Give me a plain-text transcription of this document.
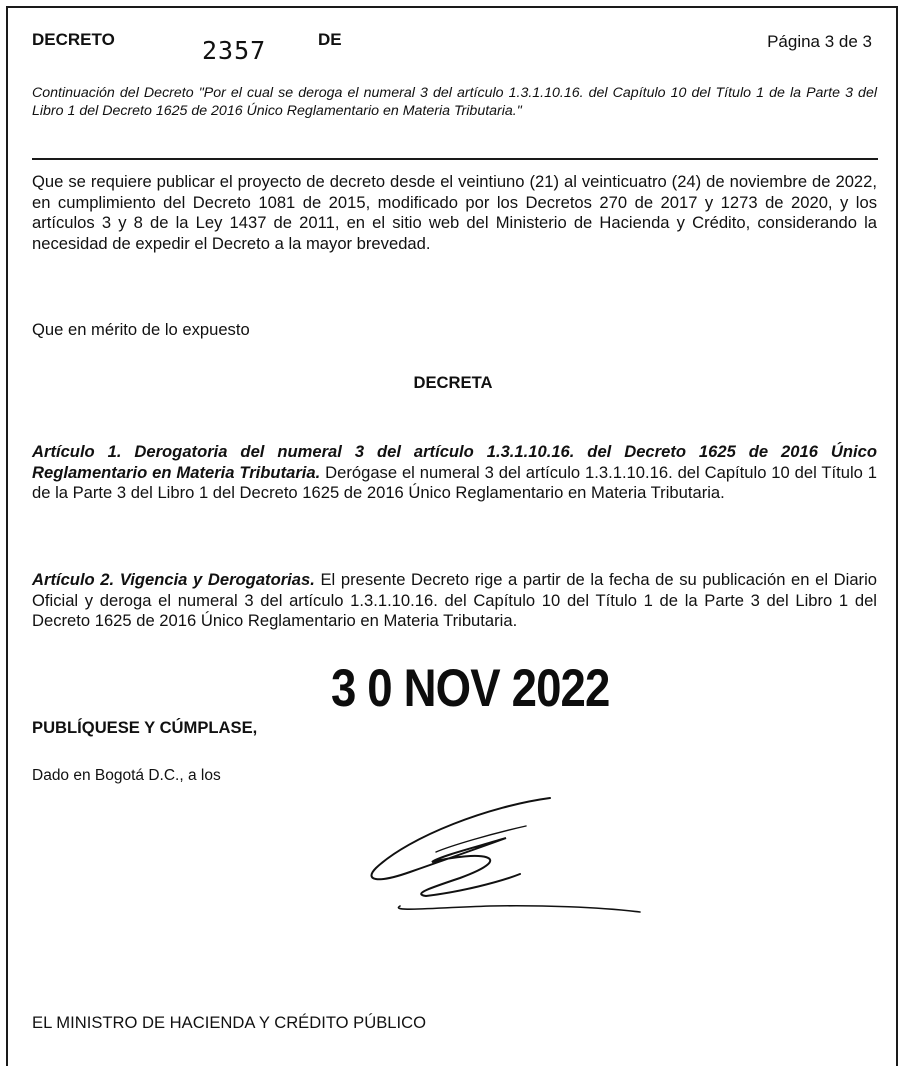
DECRETO	2357	DE	Página 3 de 3
Continuación del Decreto "Por el cual se deroga el numeral 3 del artículo 1.3.1.10.16. del Capítulo 10 del Título 1 de la Parte 3 del Libro 1 del Decreto 1625 de 2016 Único Reglamentario en Materia Tributaria."
Que se requiere publicar el proyecto de decreto desde el veintiuno (21) al veinticuatro (24) de noviembre de 2022, en cumplimiento del Decreto 1081 de 2015, modificado por los Decretos 270 de 2017 y 1273 de 2020, y los artículos 3 y 8 de la Ley 1437 de 2011, en el sitio web del Ministerio de Hacienda y Crédito, considerando la necesidad de expedir el Decreto a la mayor brevedad.
Que en mérito de lo expuesto
DECRETA
Artículo 1. Derogatoria del numeral 3 del artículo 1.3.1.10.16. del Decreto 1625 de 2016 Único Reglamentario en Materia Tributaria. Derógase el numeral 3 del artículo 1.3.1.10.16. del Capítulo 10 del Título 1 de la Parte 3 del Libro 1 del Decreto 1625 de 2016 Único Reglamentario en Materia Tributaria.
Artículo 2. Vigencia y Derogatorias. El presente Decreto rige a partir de la fecha de su publicación en el Diario Oficial y deroga el numeral 3 del artículo 1.3.1.10.16. del Capítulo 10 del Título 1 de la Parte 3 del Libro 1 del Decreto 1625 de 2016 Único Reglamentario en Materia Tributaria.
3 0 NOV 2022
PUBLÍQUESE Y CÚMPLASE,
Dado en Bogotá D.C., a los
EL MINISTRO DE HACIENDA Y CRÉDITO PÚBLICO
